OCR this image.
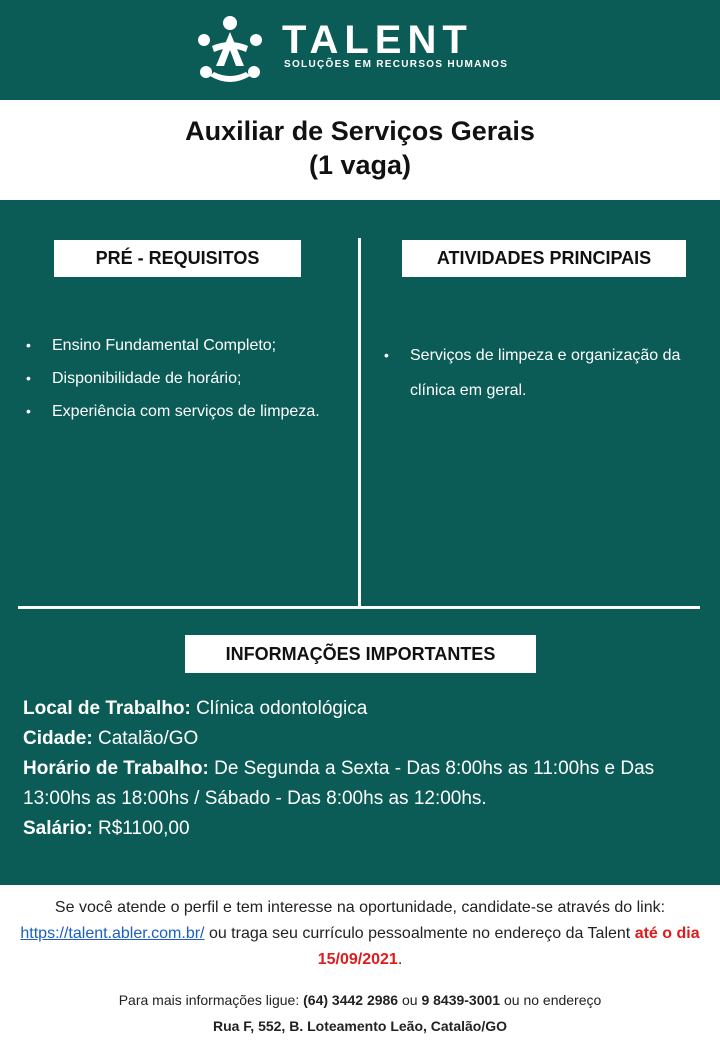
TALENT
SOLUÇÕES EM RECURSOS HUMANOS
Auxiliar de Serviços Gerais
(1 vaga)
PRÉ - REQUISITOS	ATIVIDADES PRINCIPAIS
• Ensino Fundamental Completo;
• Disponibilidade de horário;
• Experiência com serviços de limpeza.
• Serviços de limpeza e organização da clínica em geral.
INFORMAÇÕES IMPORTANTES
Local de Trabalho: Clínica odontológica
Cidade: Catalão/GO
Horário de Trabalho: De Segunda a Sexta - Das 8:00hs as 11:00hs e Das 13:00hs as 18:00hs / Sábado - Das 8:00hs as 12:00hs.
Salário: R$1100,00

Se você atende o perfil e tem interesse na oportunidade, candidate-se através do link: https://talent.abler.com.br/ ou traga seu currículo pessoalmente no endereço da Talent até o dia 15/09/2021.

Para mais informações ligue: (64) 3442 2986 ou 9 8439-3001 ou no endereço
Rua F, 552, B. Loteamento Leão, Catalão/GO
